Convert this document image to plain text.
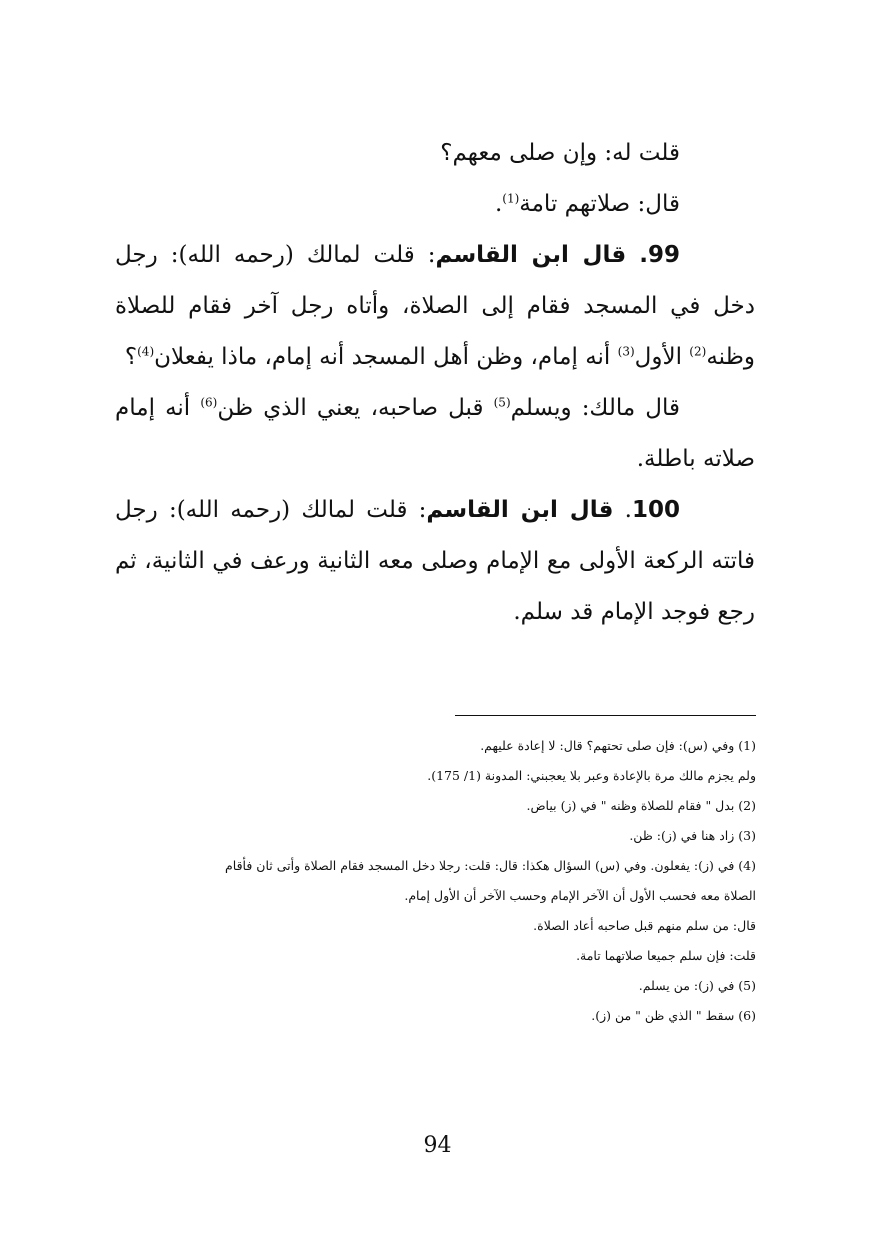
قلت له: وإن صلى معهم؟

قال: صلاتهم تامة$^{(1)}$.

99. قال ابن القاسم: قلت لمالك (رحمه الله): رجل دخل في المسجد فقام إلى الصلاة، وأتاه رجل آخر فقام للصلاة وظنه$^{(2)}$ الأول$^{(3)}$ أنه إمام، وظن أهل المسجد أنه إمام، ماذا يفعلان$^{(4)}$؟

قال مالك: ويسلم$^{(5)}$ قبل صاحبه، يعني الذي ظن$^{(6)}$ أنه إمام صلاته باطلة.

100. قال ابن القاسم: قلت لمالك (رحمه الله): رجل فاتته الركعة الأولى مع الإمام وصلى معه الثانية ورعف في الثانية، ثم رجع فوجد الإمام قد سلم.

(1) وفي (س): فإن صلى تحتهم؟ قال: لا إعادة عليهم.

ولم يجزم مالك مرة بالإعادة وعبر بلا يعجبني: المدونة (1/ 175).

(2) بدل " فقام للصلاة وظنه " في (ز) بياض.

(3) زاد هنا في (ز): ظن.

(4) في (ز): يفعلون. وفي (س) السؤال هكذا: قال: قلت: رجلا دخل المسجد فقام الصلاة وأتى ثان فأقام

الصلاة معه فحسب الأول أن الآخر الإمام وحسب الآخر أن الأول إمام.

قال: من سلم منهم قبل صاحبه أعاد الصلاة.

قلت: فإن سلم جميعا صلاتهما تامة.

(5) في (ز): من يسلم.

(6) سقط " الذي ظن " من (ز).

94
